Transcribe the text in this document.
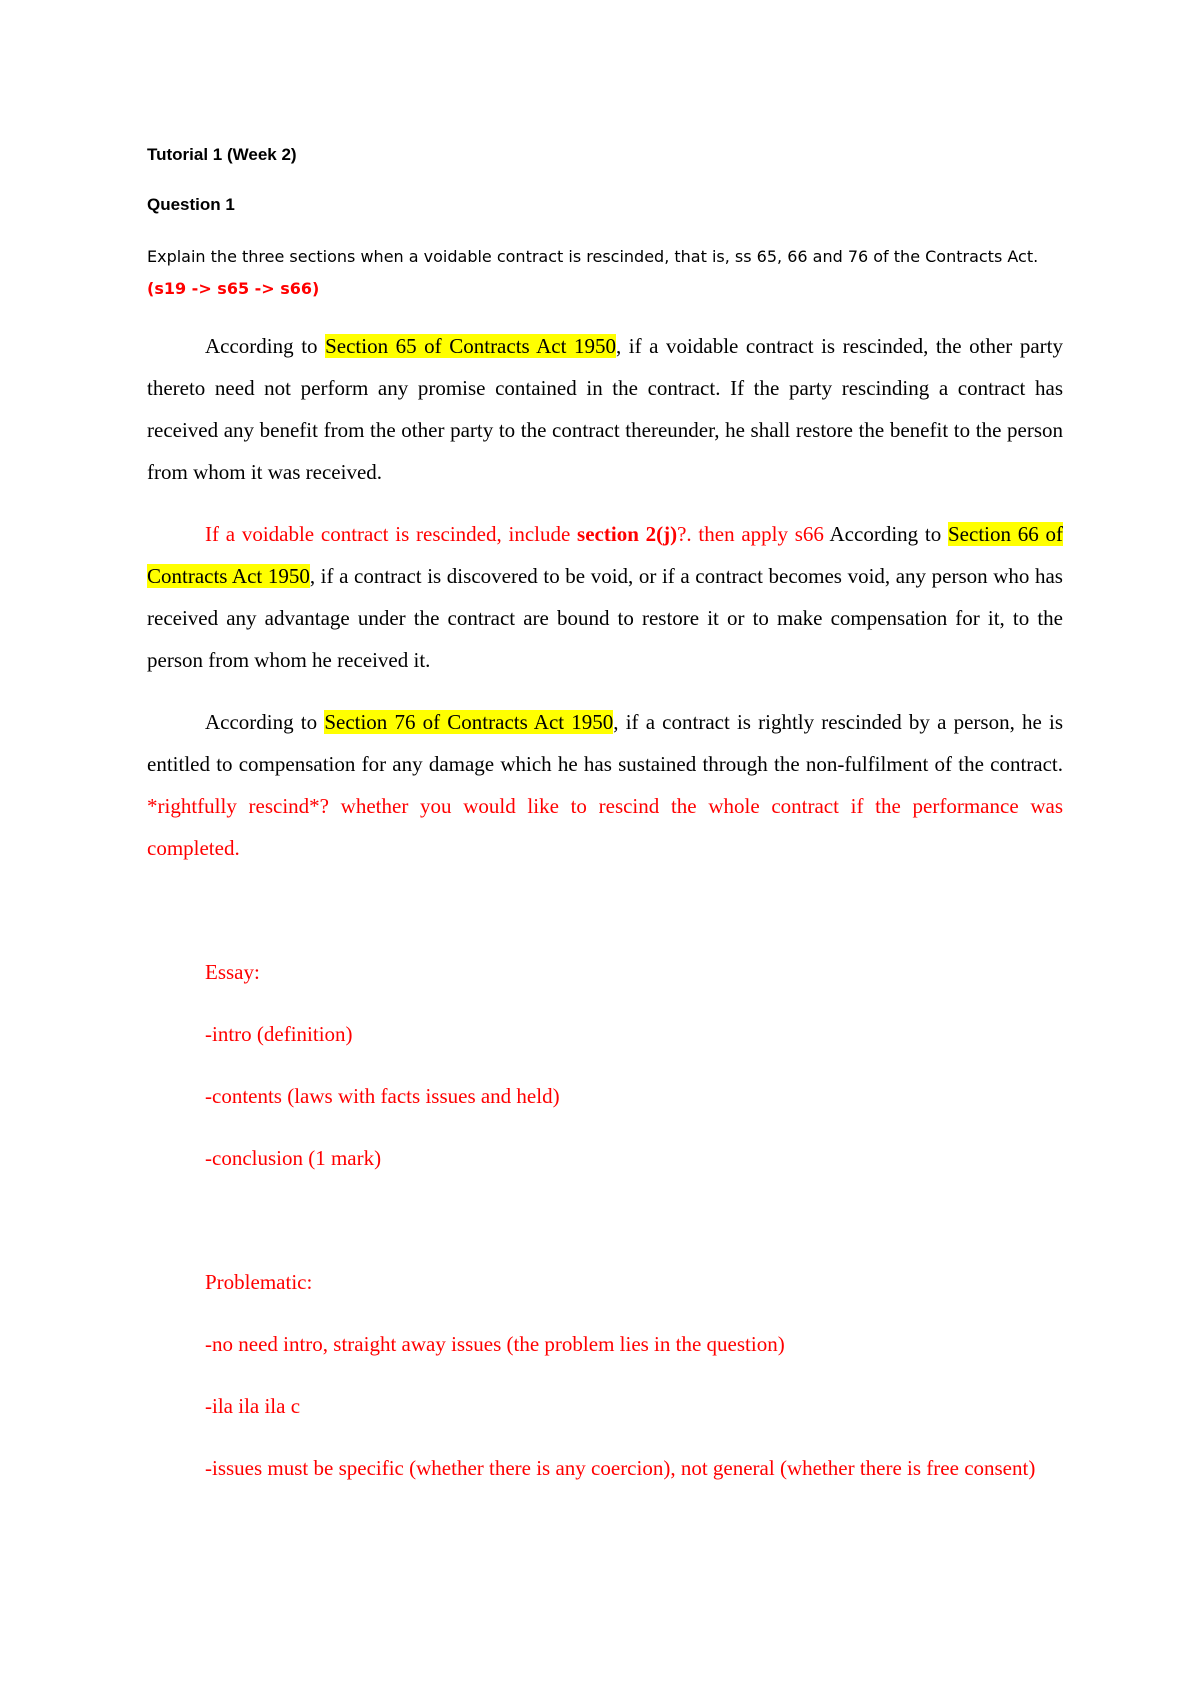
Tutorial 1 (Week 2)

Question 1

Explain the three sections when a voidable contract is rescinded, that is, ss 65, 66 and 76 of the Contracts Act. (s19 -> s65 -> s66)

According to Section 65 of Contracts Act 1950, if a voidable contract is rescinded, the other party thereto need not perform any promise contained in the contract. If the party rescinding a contract has received any benefit from the other party to the contract thereunder, he shall restore the benefit to the person from whom it was received.

If a voidable contract is rescinded, include section 2(j)?. then apply s66 According to Section 66 of Contracts Act 1950, if a contract is discovered to be void, or if a contract becomes void, any person who has received any advantage under the contract are bound to restore it or to make compensation for it, to the person from whom he received it.

According to Section 76 of Contracts Act 1950, if a contract is rightly rescinded by a person, he is entitled to compensation for any damage which he has sustained through the non-fulfilment of the contract. *rightfully rescind*? whether you would like to rescind the whole contract if the performance was completed.

Essay:

-intro (definition)

-contents (laws with facts issues and held)

-conclusion (1 mark)

Problematic:

-no need intro, straight away issues (the problem lies in the question)

-ila ila ila c

-issues must be specific (whether there is any coercion), not general (whether there is free consent)
